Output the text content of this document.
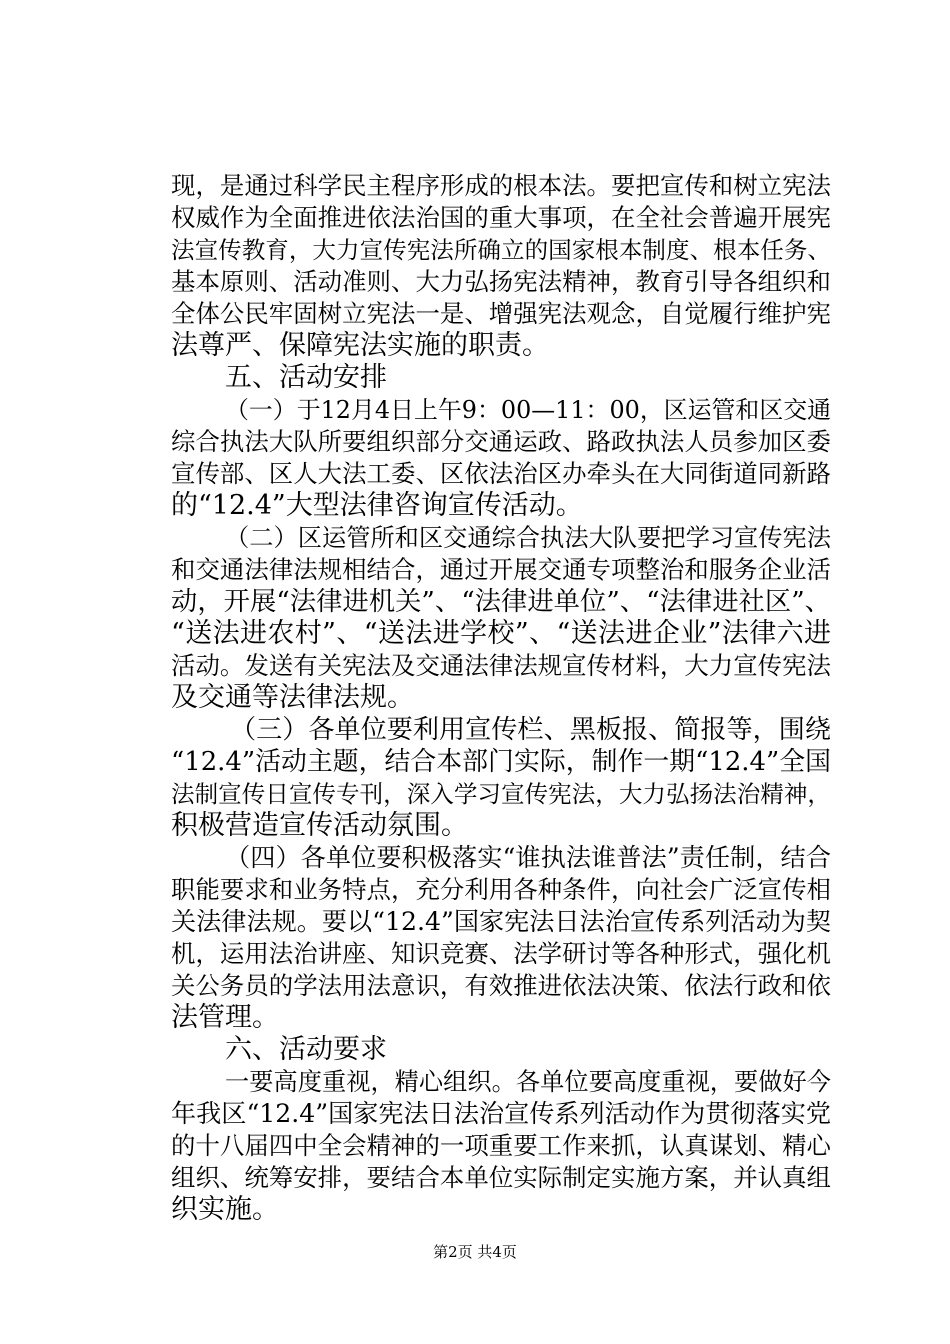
现，是通过科学民主程序形成的根本法。要把宣传和树立宪法
权威作为全面推进依法治国的重大事项，在全社会普遍开展宪
法宣传教育，大力宣传宪法所确立的国家根本制度、根本任务、
基本原则、活动准则、大力弘扬宪法精神，教育引导各组织和
全体公民牢固树立宪法一是、增强宪法观念，自觉履行维护宪
法尊严、保障宪法实施的职责。
五、活动安排
（一）于12月4日上午9：00—11：00，区运管和区交通
综合执法大队所要组织部分交通运政、路政执法人员参加区委
宣传部、区人大法工委、区依法治区办牵头在大同街道同新路
的“12.4”大型法律咨询宣传活动。
（二）区运管所和区交通综合执法大队要把学习宣传宪法
和交通法律法规相结合，通过开展交通专项整治和服务企业活
动，开展“法律进机关”、“法律进单位”、“法律进社区”、
“送法进农村”、“送法进学校”、“送法进企业”法律六进
活动。发送有关宪法及交通法律法规宣传材料，大力宣传宪法
及交通等法律法规。
（三）各单位要利用宣传栏、黑板报、简报等，围绕
“12.4”活动主题，结合本部门实际，制作一期“12.4”全国
法制宣传日宣传专刊，深入学习宣传宪法，大力弘扬法治精神，
积极营造宣传活动氛围。
（四）各单位要积极落实“谁执法谁普法”责任制，结合
职能要求和业务特点，充分利用各种条件，向社会广泛宣传相
关法律法规。要以“12.4”国家宪法日法治宣传系列活动为契
机，运用法治讲座、知识竞赛、法学研讨等各种形式，强化机
关公务员的学法用法意识，有效推进依法决策、依法行政和依
法管理。
六、活动要求
一要高度重视，精心组织。各单位要高度重视，要做好今
年我区“12.4”国家宪法日法治宣传系列活动作为贯彻落实党
的十八届四中全会精神的一项重要工作来抓，认真谋划、精心
组织、统筹安排，要结合本单位实际制定实施方案，并认真组
织实施。
第2页 共4页
